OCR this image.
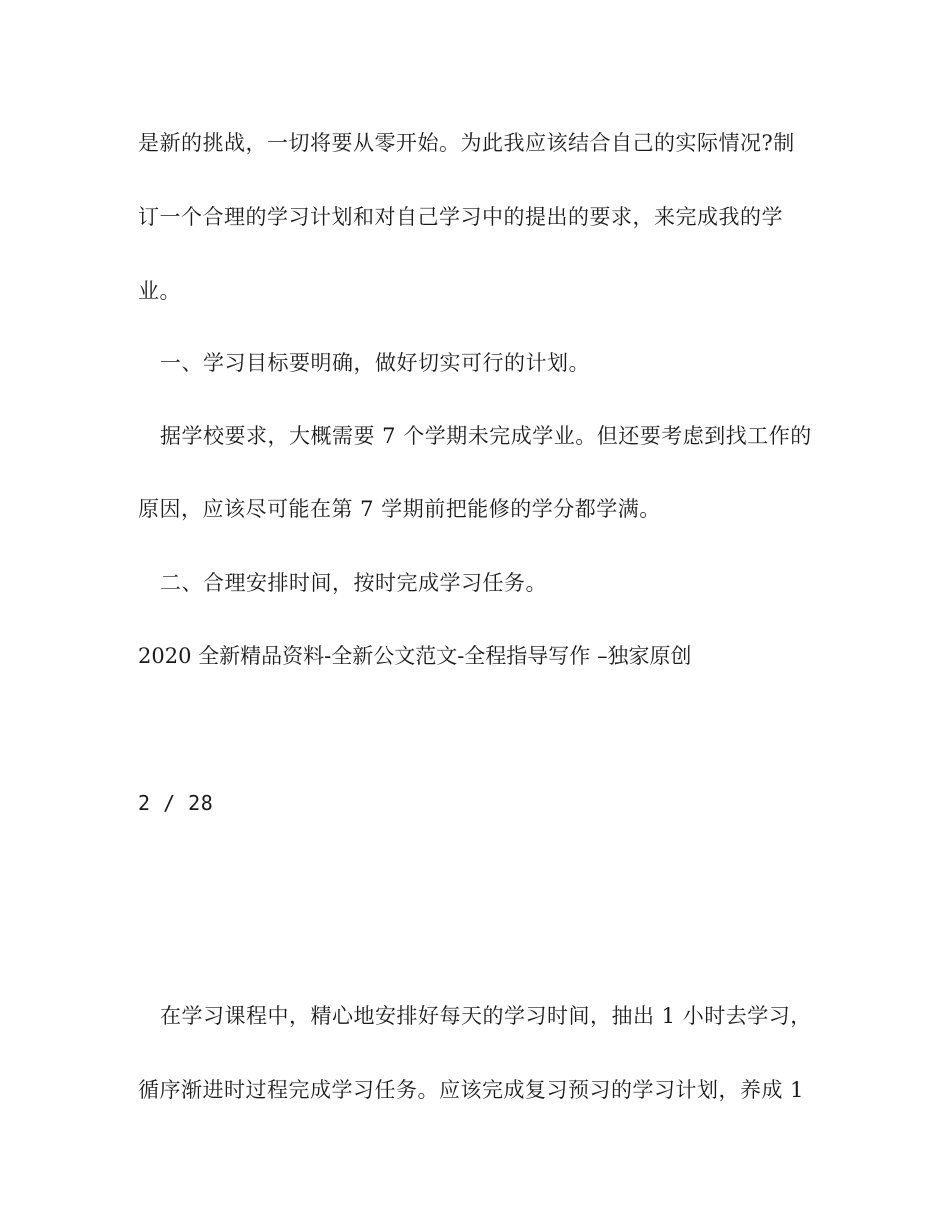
是新的挑战，一切将要从零开始。为此我应该结合自己的实际情况?制
订一个合理的学习计划和对自己学习中的提出的要求，来完成我的学
业。
一、学习目标要明确，做好切实可行的计划。
据学校要求，大概需要 7 个学期未完成学业。但还要考虑到找工作的
原因，应该尽可能在第 7 学期前把能修的学分都学满。
二、合理安排时间，按时完成学习任务。
2020 全新精品资料-全新公文范文-全程指导写作 –独家原创
2 / 28
在学习课程中，精心地安排好每天的学习时间，抽出 1 小时去学习，
循序渐进时过程完成学习任务。应该完成复习预习的学习计划，养成 1
